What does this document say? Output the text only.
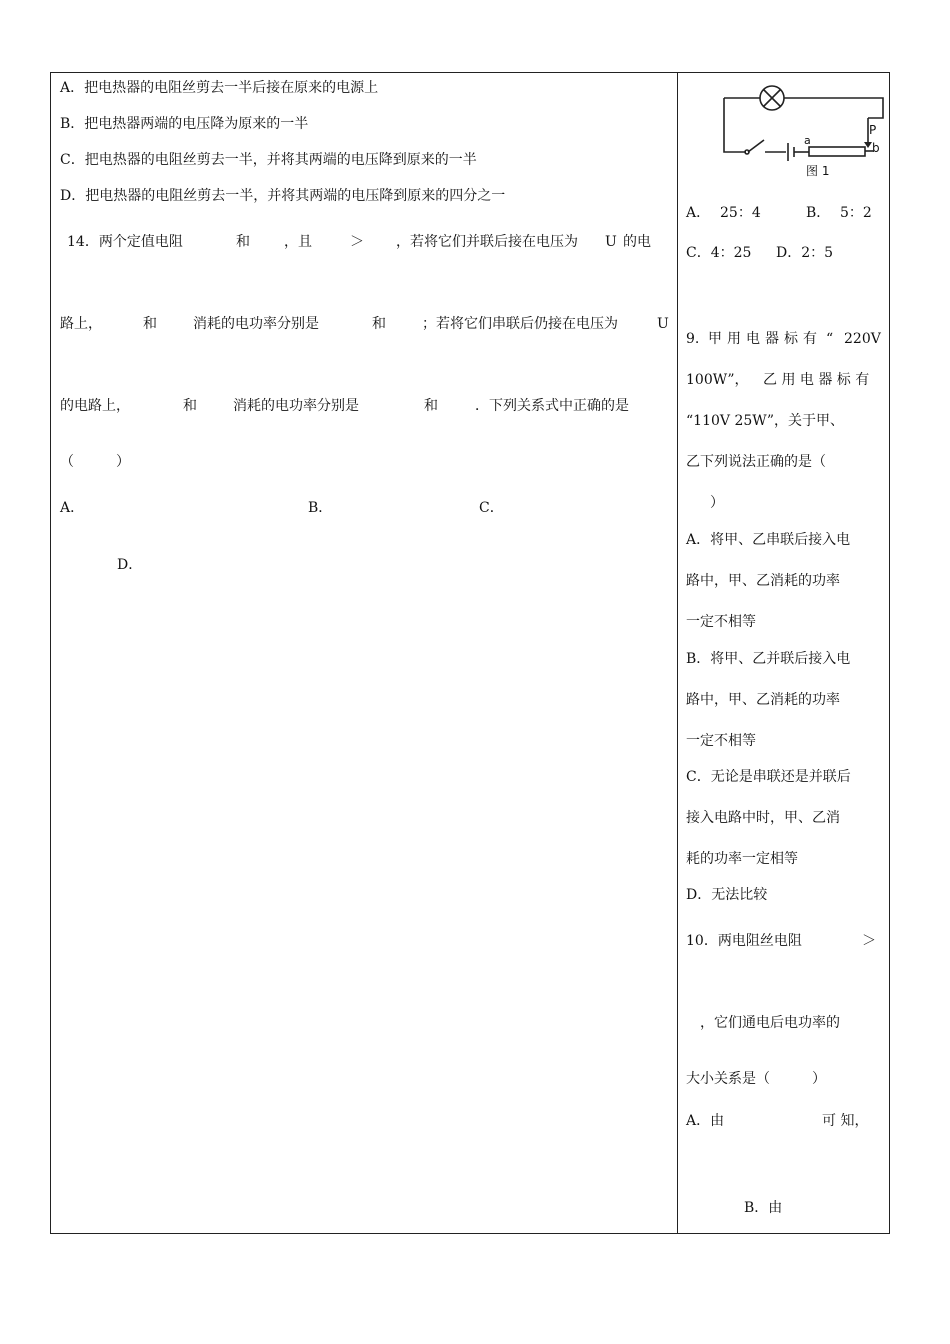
A．把电热器的电阻丝剪去一半后接在原来的电源上
B．把电热器两端的电压降为原来的一半
C．把电热器的电阻丝剪去一半，并将其两端的电压降到原来的一半
D．把电热器的电阻丝剪去一半，并将其两端的电压降到原来的四分之一
14．两个定值电阻	和 ，且	＞ ，若将它们并联后接在电压为 U 的电
路上，	和	消耗的电功率分别是	和	；若将它们串联后仍接在电压为	U
的电路上，	和	消耗的电功率分别是	和	．下列关系式中正确的是
（　　　）
A．	B．	C．
D．
P
a
b
图 1
A． 25：4	B． 5：2
C．4：25 D．2：5
9. 甲 用 电 器 标 有 “ 220V
100W”， 乙 用 电 器 标 有
“110V 25W”，关于甲、
乙下列说法正确的是（
）
A．将甲、乙串联后接入电
路中，甲、乙消耗的功率
一定不相等
B．将甲、乙并联后接入电
路中，甲、乙消耗的功率
一定不相等
C．无论是串联还是并联后
接入电路中时，甲、乙消
耗的功率一定相等
D．无法比较
10．两电阻丝电阻	＞
，它们通电后电功率的
大小关系是（　　　）
A．由	可 知，
B．由
